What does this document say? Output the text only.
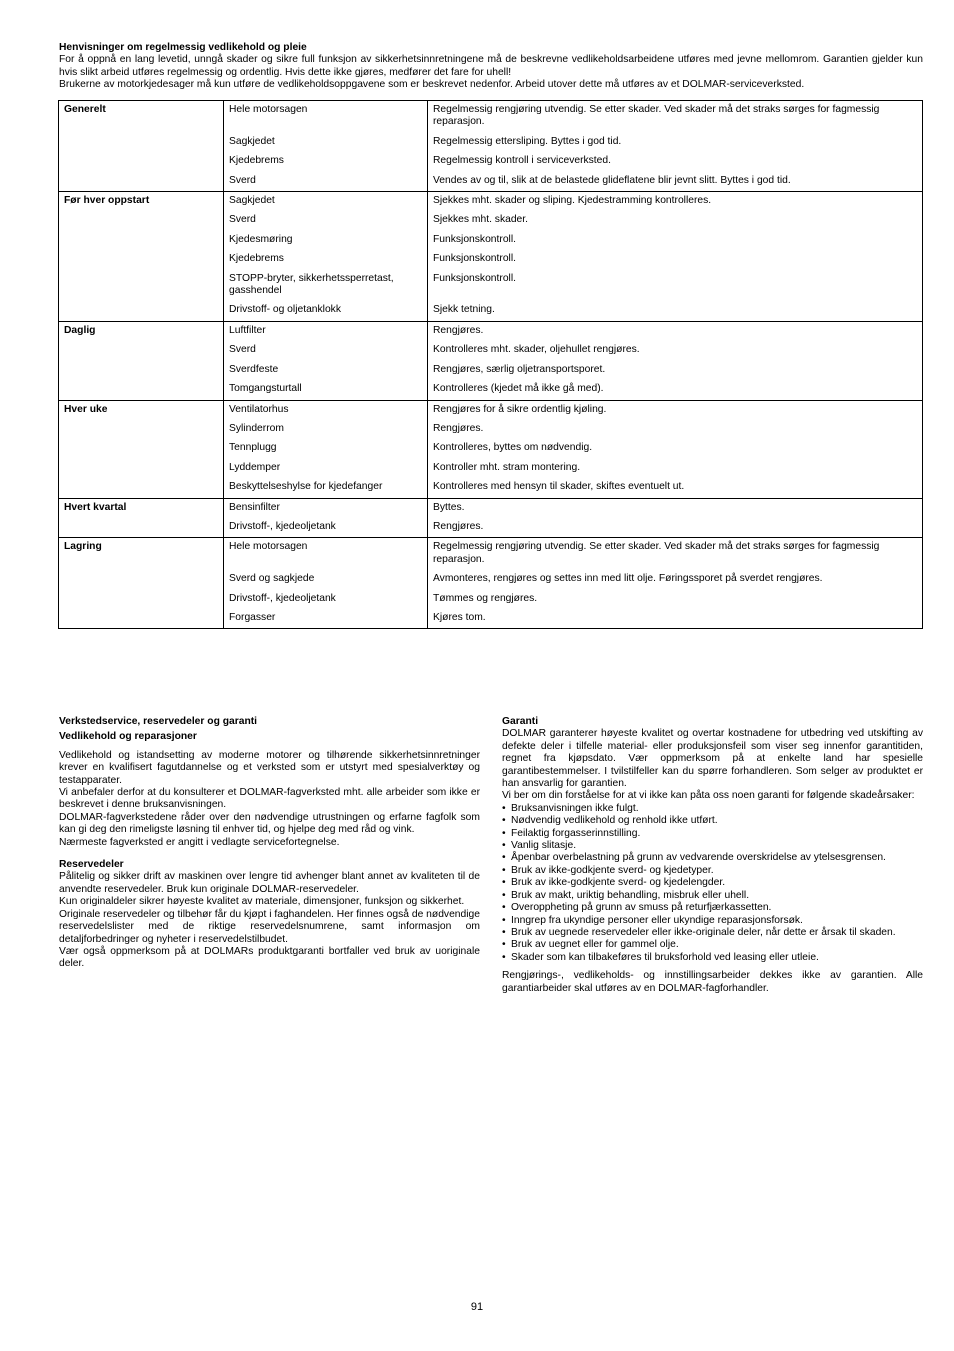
Henvisninger om regelmessig vedlikehold og pleie

For å oppnå en lang levetid, unngå skader og sikre full funksjon av sikkerhetsinnretningene må de beskrevne vedlikeholdsarbeidene utføres med jevne mellomrom. Garantien gjelder kun hvis slikt arbeid utføres regelmessig og ordentlig. Hvis dette ikke gjøres, medfører det fare for uhell!

Brukerne av motorkjedesager må kun utføre de vedlikeholdsoppgavene som er beskrevet nedenfor. Arbeid utover dette må utføres av et DOLMAR-serviceverksted.

Generelt	Hele motorsagen	Regelmessig rengjøring utvendig. Se etter skader. Ved skader må det straks sørges for fagmessig reparasjon.
	Sagkjedet	Regelmessig ettersliping. Byttes i god tid.
	Kjedebrems	Regelmessig kontroll i serviceverksted.
	Sverd	Vendes av og til, slik at de belastede glideflatene blir jevnt slitt. Byttes i god tid.
Før hver oppstart	Sagkjedet	Sjekkes mht. skader og sliping. Kjedestramming kontrolleres.
	Sverd	Sjekkes mht. skader.
	Kjedesmøring	Funksjonskontroll.
	Kjedebrems	Funksjonskontroll.
	STOPP-bryter, sikkerhetssperretast, gasshendel	Funksjonskontroll.
	Drivstoff- og oljetanklokk	Sjekk tetning.
Daglig	Luftfilter	Rengjøres.
	Sverd	Kontrolleres mht. skader, oljehullet rengjøres.
	Sverdfeste	Rengjøres, særlig oljetransportsporet.
	Tomgangsturtall	Kontrolleres (kjedet må ikke gå med).
Hver uke	Ventilatorhus	Rengjøres for å sikre ordentlig kjøling.
	Sylinderrom	Rengjøres.
	Tennplugg	Kontrolleres, byttes om nødvendig.
	Lyddemper	Kontroller mht. stram montering.
	Beskyttelseshylse for kjedefanger	Kontrolleres med hensyn til skader, skiftes eventuelt ut.
Hvert kvartal	Bensinfilter	Byttes.
	Drivstoff-, kjedeoljetank	Rengjøres.
Lagring	Hele motorsagen	Regelmessig rengjøring utvendig. Se etter skader. Ved skader må det straks sørges for fagmessig reparasjon.
	Sverd og sagkjede	Avmonteres, rengjøres og settes inn med litt olje. Føringssporet på sverdet rengjøres.
	Drivstoff-, kjedeoljetank	Tømmes og rengjøres.
	Forgasser	Kjøres tom.
Verkstedservice, reservedeler og garanti
Vedlikehold og reparasjoner

Vedlikehold og istandsetting av moderne motorer og tilhørende sikkerhetsinnretninger krever en kvalifisert fagutdannelse og et verksted som er utstyrt med spesialverktøy og testapparater.

Vi anbefaler derfor at du konsulterer et DOLMAR-fagverksted mht. alle arbeider som ikke er beskrevet i denne bruksanvisningen.

DOLMAR-fagverkstedene råder over den nødvendige utrustningen og erfarne fagfolk som kan gi deg den rimeligste løsning til enhver tid, og hjelpe deg med råd og vink.

Nærmeste fagverksted er angitt i vedlagte servicefortegnelse.

Reservedeler

Pålitelig og sikker drift av maskinen over lengre tid avhenger blant annet av kvaliteten til de anvendte reservedeler. Bruk kun originale DOLMAR-reservedeler.

Kun originaldeler sikrer høyeste kvalitet av materiale, dimensjoner, funksjon og sikkerhet.

Originale reservedeler og tilbehør får du kjøpt i faghandelen. Her finnes også de nødvendige reservedelslister med de riktige reservedelsnumrene, samt informasjon om detaljforbedringer og nyheter i reservedelstilbudet.

Vær også oppmerksom på at DOLMARs produktgaranti bortfaller ved bruk av uoriginale deler.

Garanti

DOLMAR garanterer høyeste kvalitet og overtar kostnadene for utbedring ved utskifting av defekte deler i tilfelle material- eller produksjonsfeil som viser seg innenfor garantitiden, regnet fra kjøpsdato. Vær oppmerksom på at enkelte land har spesielle garantibestemmelser. I tvilstilfeller kan du spørre forhandleren. Som selger av produktet er han ansvarlig for garantien.

Vi ber om din forståelse for at vi ikke kan påta oss noen garanti for følgende skadeårsaker:

• Bruksanvisningen ikke fulgt.
• Nødvendig vedlikehold og renhold ikke utført.
• Feilaktig forgasserinnstilling.
• Vanlig slitasje.
• Åpenbar overbelastning på grunn av vedvarende overskridelse av ytelsesgrensen.
• Bruk av ikke-godkjente sverd- og kjedetyper.
• Bruk av ikke-godkjente sverd- og kjedelengder.
• Bruk av makt, uriktig behandling, misbruk eller uhell.
• Overoppheting på grunn av smuss på returfjærkassetten.
• Inngrep fra ukyndige personer eller ukyndige reparasjonsforsøk.
• Bruk av uegnede reservedeler eller ikke-originale deler, når dette er årsak til skaden.
• Bruk av uegnet eller for gammel olje.
• Skader som kan tilbakeføres til bruksforhold ved leasing eller utleie.

Rengjørings-, vedlikeholds- og innstillingsarbeider dekkes ikke av garantien. Alle garantiarbeider skal utføres av en DOLMAR-fagforhandler.

91
